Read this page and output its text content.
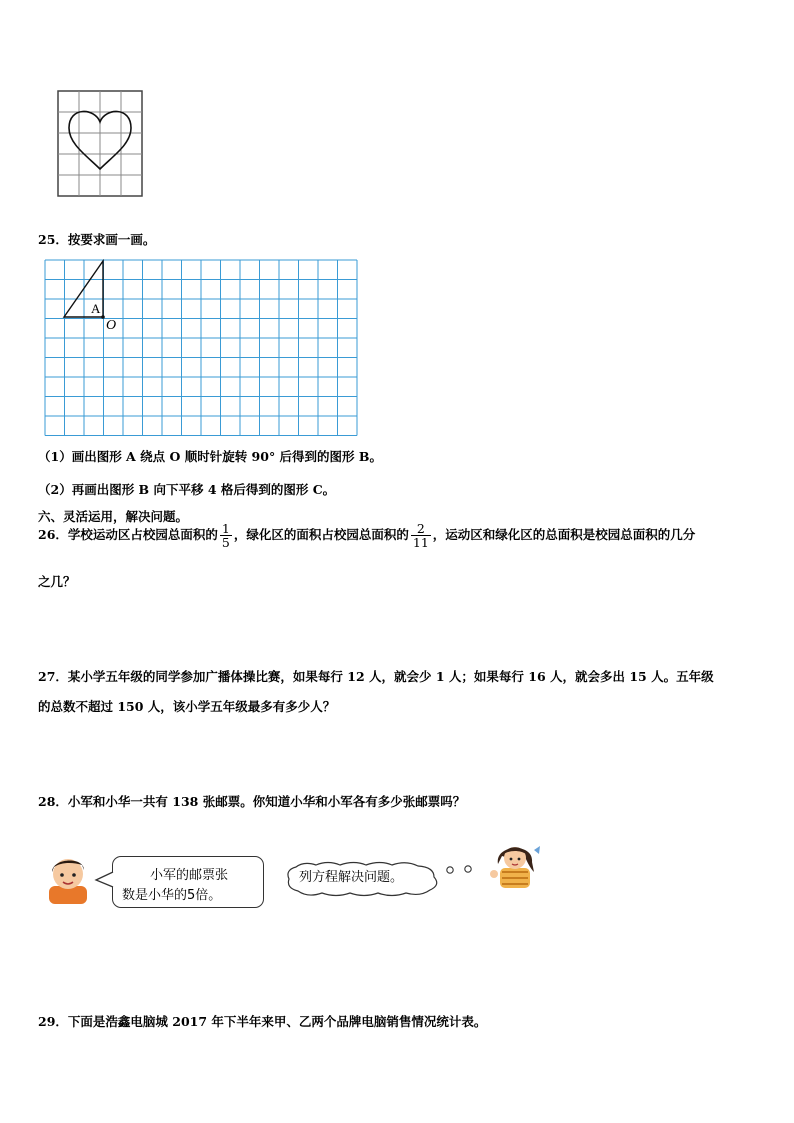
25．按要求画一画。
A
O
（1）画出图形 A 绕点 O 顺时针旋转 90° 后得到的图形 B。
（2）再画出图形 B 向下平移 4 格后得到的图形 C。
六、灵活运用，解决问题。
26．学校运动区占校园总面积的 $\frac{1}{5}$ ，绿化区的面积占校园总面积的 $\frac{2}{11}$ ，运动区和绿化区的总面积是校园总面积的几分
之几？
27．某小学五年级的同学参加广播体操比赛，如果每行 12 人，就会少 1 人；如果每行 16 人，就会多出 15 人。五年级
的总数不超过 150 人，该小学五年级最多有多少人？
28．小军和小华一共有 138 张邮票。你知道小华和小军各有多少张邮票吗？
小军的邮票张
数是小华的5倍。
列方程解决问题。
29．下面是浩鑫电脑城 2017 年下半年来甲、乙两个品牌电脑销售情况统计表。
